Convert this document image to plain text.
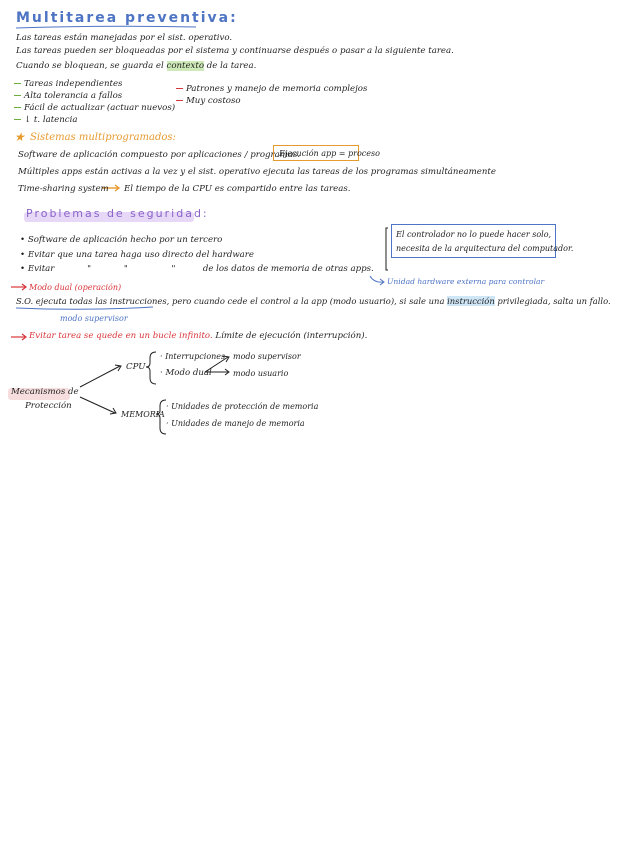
Multitarea preventiva:
Las tareas están manejadas por el sist. operativo.
Las tareas pueden ser bloqueadas por el sistema y continuarse después o pasar a la siguiente tarea.
Cuando se bloquean, se guarda el contexto de la tarea.
Tareas independientes
Alta tolerancia a fallos
Fácil de actualizar (actuar nuevos)
↓ t. latencia
Patrones y manejo de memoria complejos
Muy costoso
★ Sistemas multiprogramados:
Software de aplicación compuesto por aplicaciones / programas.
Ejecución app = proceso
Múltiples apps están activas a la vez y el sist. operativo ejecuta las tareas de los programas simultáneamente
Time-sharing system El tiempo de la CPU es compartido entre las tareas.
Problemas de seguridad:
• Software de aplicación hecho por un tercero
• Evitar que una tarea haga uso directo del hardware
• Evitar            "            "                "          de los datos de memoria de otras apps.
El controlador no lo puede hacer solo,
necesita de la arquitectura del computador.
Unidad hardware externa para controlar
Modo dual (operación)
S.O. ejecuta todas las instrucciones, pero cuando cede el control a la app (modo usuario), si sale una instrucción privilegiada, salta un fallo.
modo supervisor
Evitar tarea se quede en un bucle infinito. Límite de ejecución (interrupción).
Mecanismos de
Protección
CPU
· Interrupciones
· Modo dual
modo supervisor
modo usuario
MEMORIA
· Unidades de protección de memoria
· Unidades de manejo de memoria
